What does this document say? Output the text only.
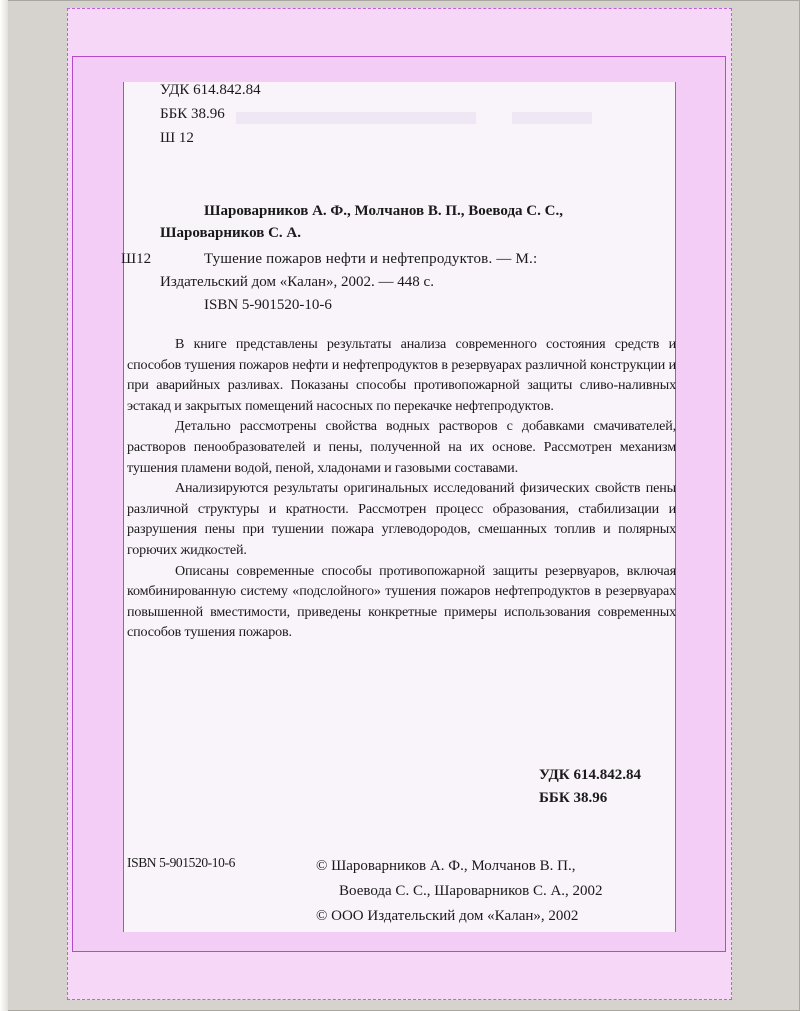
УДК 614.842.84
ББК 38.96
Ш 12
Шароварников А. Ф., Молчанов В. П., Воевода С. С.,
Шароварников С. А.
Ш12	Тушение пожаров нефти и нефтепродуктов. — М.:
Издательский дом «Калан», 2002. — 448 с.
ISBN 5-901520-10-6

В книге представлены результаты анализа современного состояния средств и способов тушения пожаров нефти и нефтепродуктов в резервуарах различной конструкции и при аварийных разливах. Показаны способы противопожарной защиты сливо-наливных эстакад и закрытых помещений насосных по перекачке нефтепродуктов.

Детально рассмотрены свойства водных растворов с добавками смачивателей, растворов пенообразователей и пены, полученной на их основе. Рассмотрен механизм тушения пламени водой, пеной, хладонами и газовыми составами.

Анализируются результаты оригинальных исследований физических свойств пены различной структуры и кратности. Рассмотрен процесс образования, стабилизации и разрушения пены при тушении пожара углеводородов, смешанных топлив и полярных горючих жидкостей.

Описаны современные способы противопожарной защиты резервуаров, включая комбинированную систему «подслойного» тушения пожаров нефтепродуктов в резервуарах повышенной вместимости, приведены конкретные примеры использования современных способов тушения пожаров.

УДК 614.842.84
ББК 38.96
ISBN 5-901520-10-6	© Шароварников А. Ф., Молчанов В. П.,
Воевода С. С., Шароварников С. А., 2002
© ООО Издательский дом «Калан», 2002
